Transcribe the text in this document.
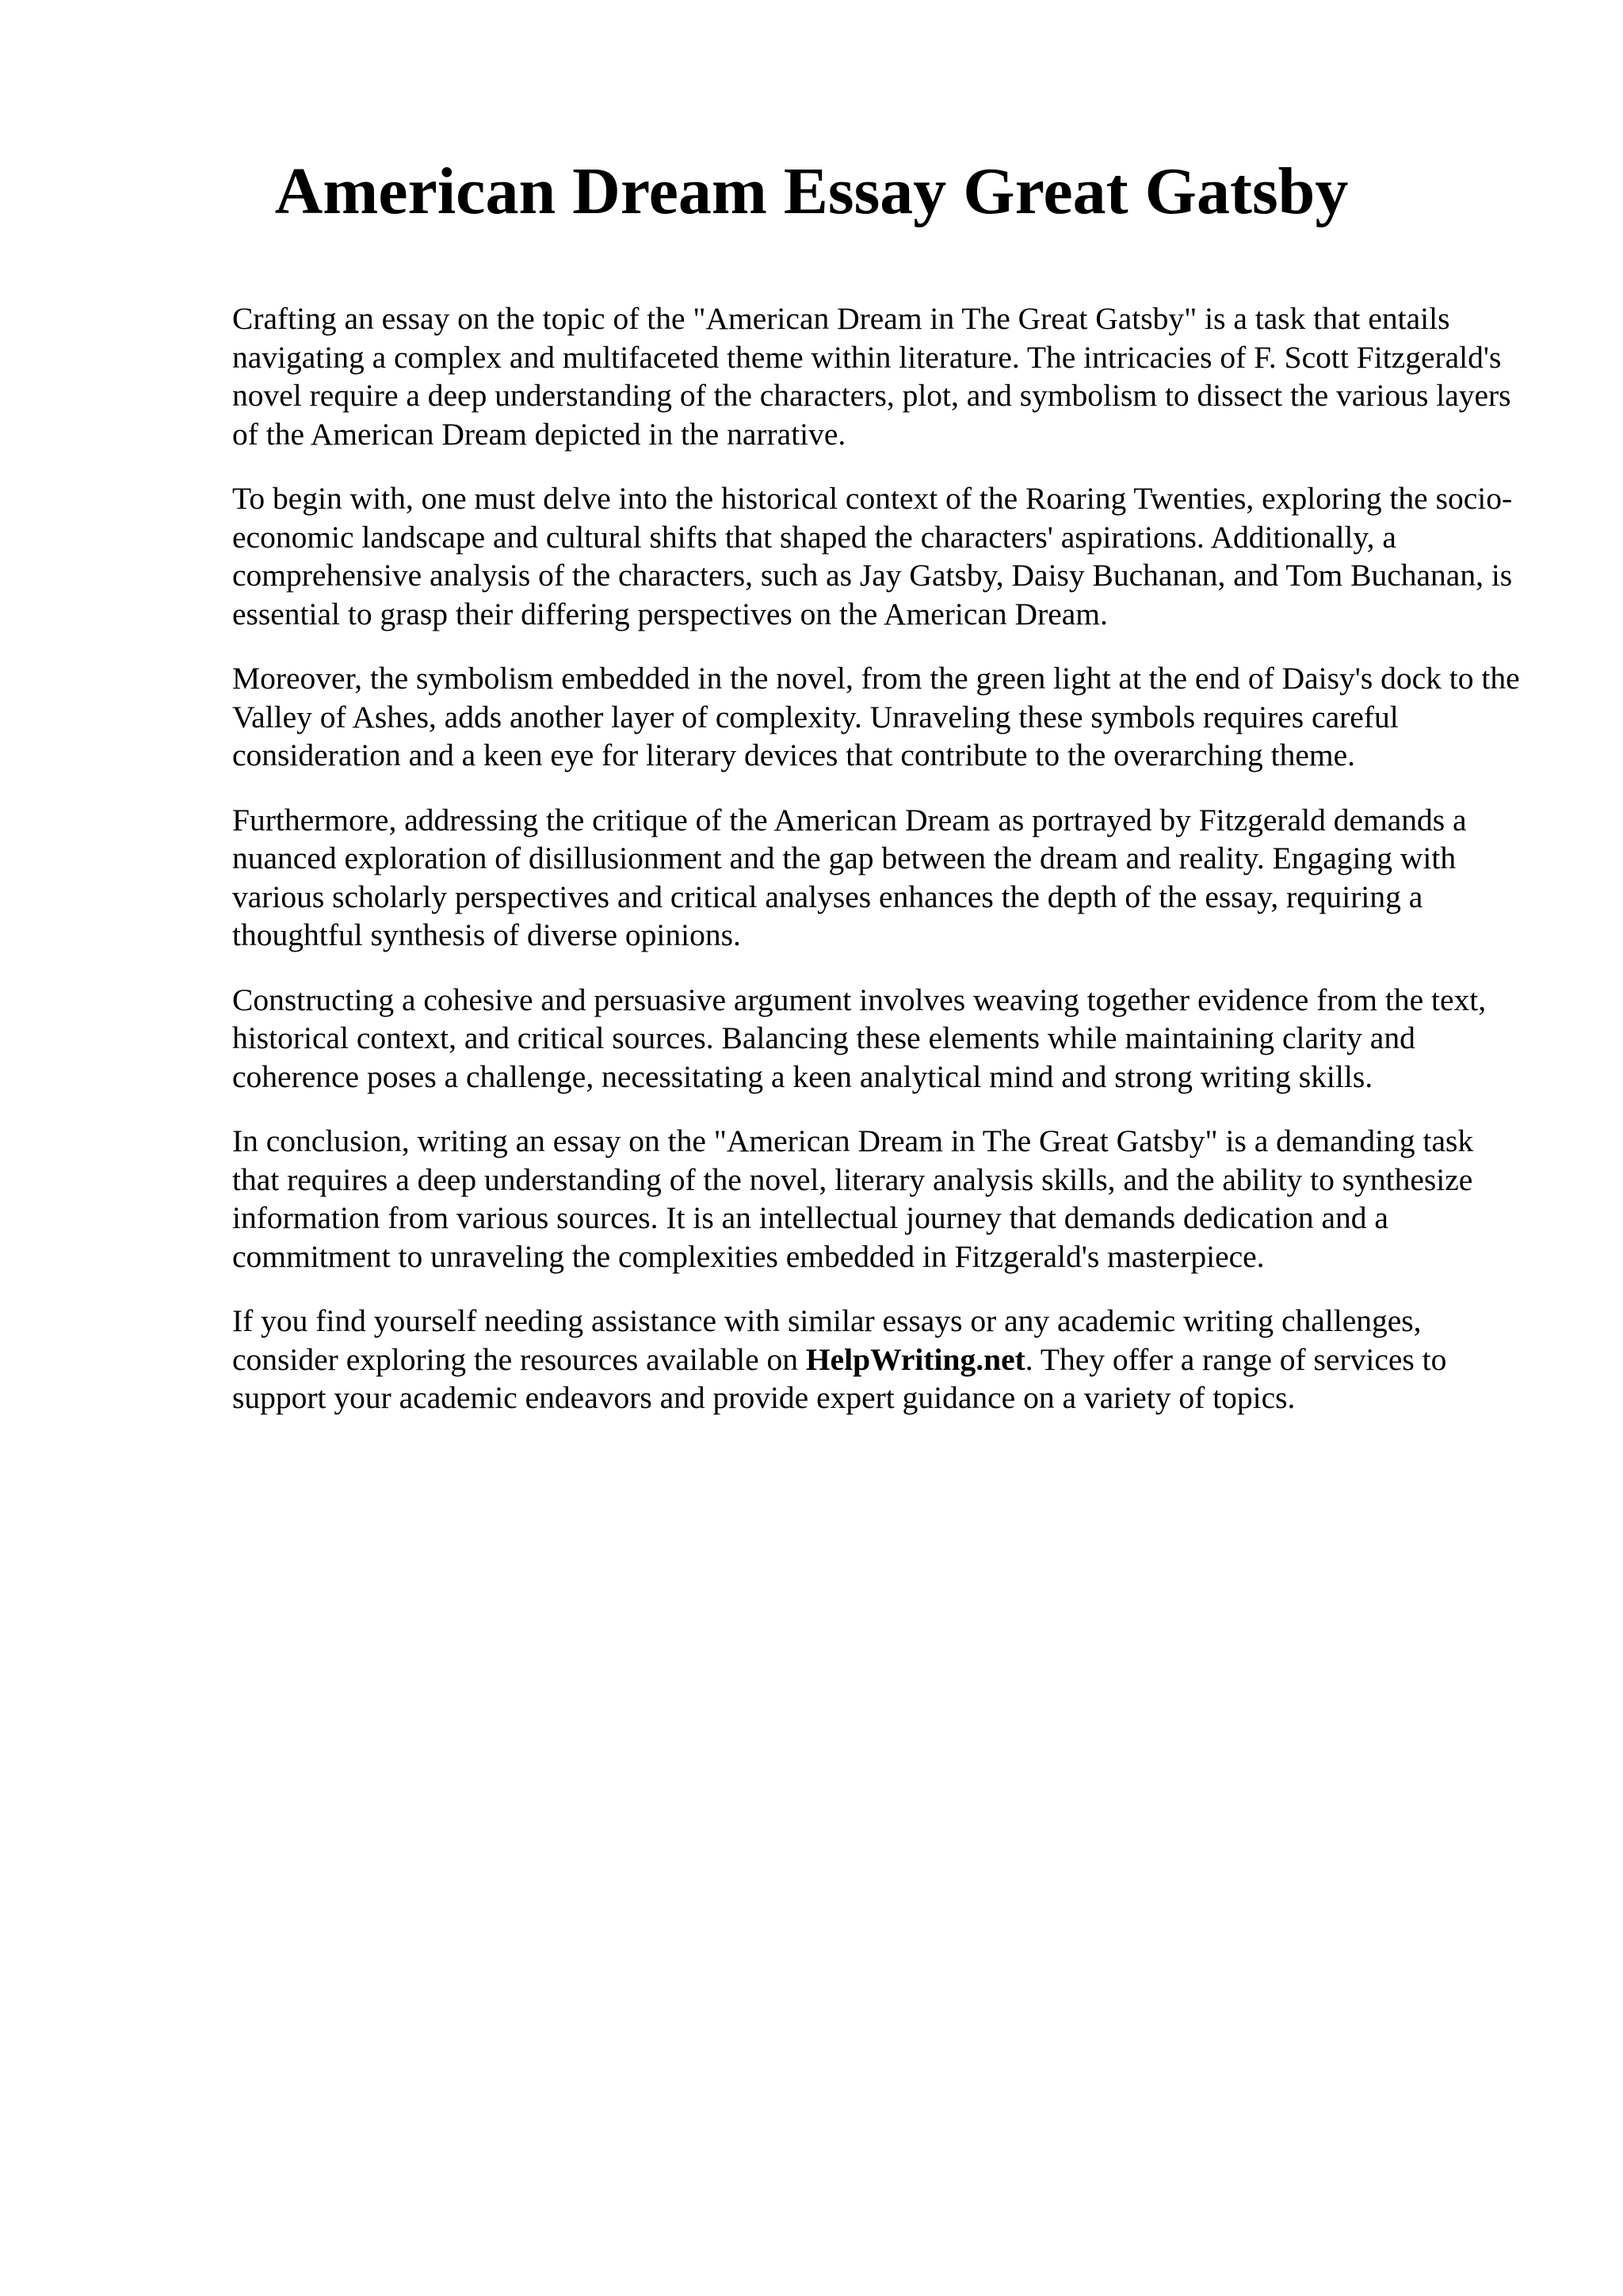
American Dream Essay Great Gatsby

Crafting an essay on the topic of the "American Dream in The Great Gatsby" is a task that entails navigating a complex and multifaceted theme within literature. The intricacies of F. Scott Fitzgerald's novel require a deep understanding of the characters, plot, and symbolism to dissect the various layers of the American Dream depicted in the narrative.

To begin with, one must delve into the historical context of the Roaring Twenties, exploring the socio-economic landscape and cultural shifts that shaped the characters' aspirations. Additionally, a comprehensive analysis of the characters, such as Jay Gatsby, Daisy Buchanan, and Tom Buchanan, is essential to grasp their differing perspectives on the American Dream.

Moreover, the symbolism embedded in the novel, from the green light at the end of Daisy's dock to the Valley of Ashes, adds another layer of complexity. Unraveling these symbols requires careful consideration and a keen eye for literary devices that contribute to the overarching theme.

Furthermore, addressing the critique of the American Dream as portrayed by Fitzgerald demands a nuanced exploration of disillusionment and the gap between the dream and reality. Engaging with various scholarly perspectives and critical analyses enhances the depth of the essay, requiring a thoughtful synthesis of diverse opinions.

Constructing a cohesive and persuasive argument involves weaving together evidence from the text, historical context, and critical sources. Balancing these elements while maintaining clarity and coherence poses a challenge, necessitating a keen analytical mind and strong writing skills.

In conclusion, writing an essay on the "American Dream in The Great Gatsby" is a demanding task that requires a deep understanding of the novel, literary analysis skills, and the ability to synthesize information from various sources. It is an intellectual journey that demands dedication and a commitment to unraveling the complexities embedded in Fitzgerald's masterpiece.

If you find yourself needing assistance with similar essays or any academic writing challenges, consider exploring the resources available on HelpWriting.net. They offer a range of services to support your academic endeavors and provide expert guidance on a variety of topics.
